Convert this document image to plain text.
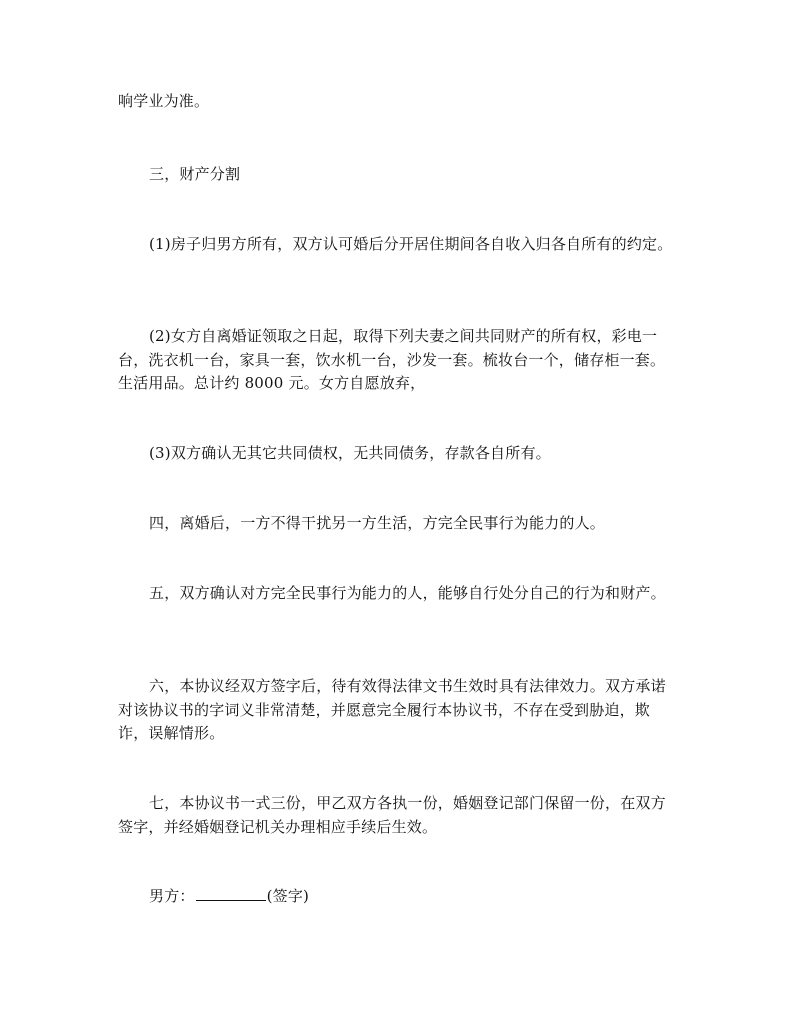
响学业为准。
三，财产分割
(1)房子归男方所有，双方认可婚后分开居住期间各自收入归各自所有的约定。
(2)女方自离婚证领取之日起，取得下列夫妻之间共同财产的所有权，彩电一台，洗衣机一台，家具一套，饮水机一台，沙发一套。梳妆台一个，储存柜一套。生活用品。总计约 8000 元。女方自愿放弃，
(3)双方确认无其它共同债权，无共同债务，存款各自所有。
四，离婚后，一方不得干扰另一方生活，方完全民事行为能力的人。
五，双方确认对方完全民事行为能力的人，能够自行处分自己的行为和财产。
六，本协议经双方签字后，待有效得法律文书生效时具有法律效力。双方承诺对该协议书的字词义非常清楚，并愿意完全履行本协议书，不存在受到胁迫，欺诈，误解情形。
七，本协议书一式三份，甲乙双方各执一份，婚姻登记部门保留一份，在双方签字，并经婚姻登记机关办理相应手续后生效。
男方：	(签字)
